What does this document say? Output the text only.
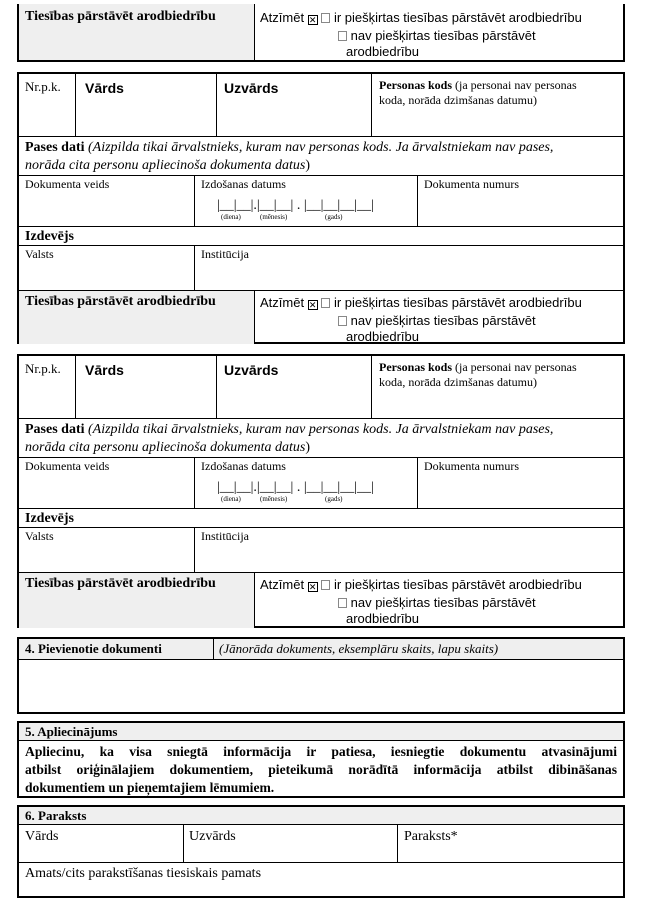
Tiesības pārstāvēt arodbiedrību	Atzīmēt ✕ ir piešķirtas tiesības pārstāvēt arodbiedrību
nav piešķirtas tiesības pārstāvēt
arodbiedrību
Nr.p.k. Vārds	Uzvārds	Personas kods (ja personai nav personas
koda, norāda dzimšanas datumu)
Pases dati (Aizpilda tikai ārvalstnieks, kuram nav personas kods. Ja ārvalstniekam nav pases,
norāda cita personu apliecinoša dokumenta datus)
Dokumenta veids	Izdošanas datums	Dokumenta numurs
|__|__|.|__|__| . |__|__|__|__|
(diena)	(mēnesis)	(gads)
Izdevējs
Valsts	Institūcija
Tiesības pārstāvēt arodbiedrību	Atzīmēt ✕ ir piešķirtas tiesības pārstāvēt arodbiedrību
nav piešķirtas tiesības pārstāvēt
arodbiedrību
Nr.p.k. Vārds	Uzvārds	Personas kods (ja personai nav personas
koda, norāda dzimšanas datumu)
Pases dati (Aizpilda tikai ārvalstnieks, kuram nav personas kods. Ja ārvalstniekam nav pases,
norāda cita personu apliecinoša dokumenta datus)
Dokumenta veids	Izdošanas datums	Dokumenta numurs
|__|__|.|__|__| . |__|__|__|__|
(diena)	(mēnesis)	(gads)
Izdevējs
Valsts	Institūcija
Tiesības pārstāvēt arodbiedrību	Atzīmēt ✕ ir piešķirtas tiesības pārstāvēt arodbiedrību
nav piešķirtas tiesības pārstāvēt
arodbiedrību
4. Pievienotie dokumenti	(Jānorāda dokuments, eksemplāru skaits, lapu skaits)
5. Apliecinājums
Apliecinu, ka visa sniegtā informācija ir patiesa, iesniegtie dokumentu atvasinājumi
atbilst oriģinālajiem dokumentiem, pieteikumā norādītā informācija atbilst dibināšanas
dokumentiem un pieņemtajiem lēmumiem.
6. Paraksts
Vārds	Uzvārds	Paraksts*
Amats/cits parakstīšanas tiesiskais pamats
